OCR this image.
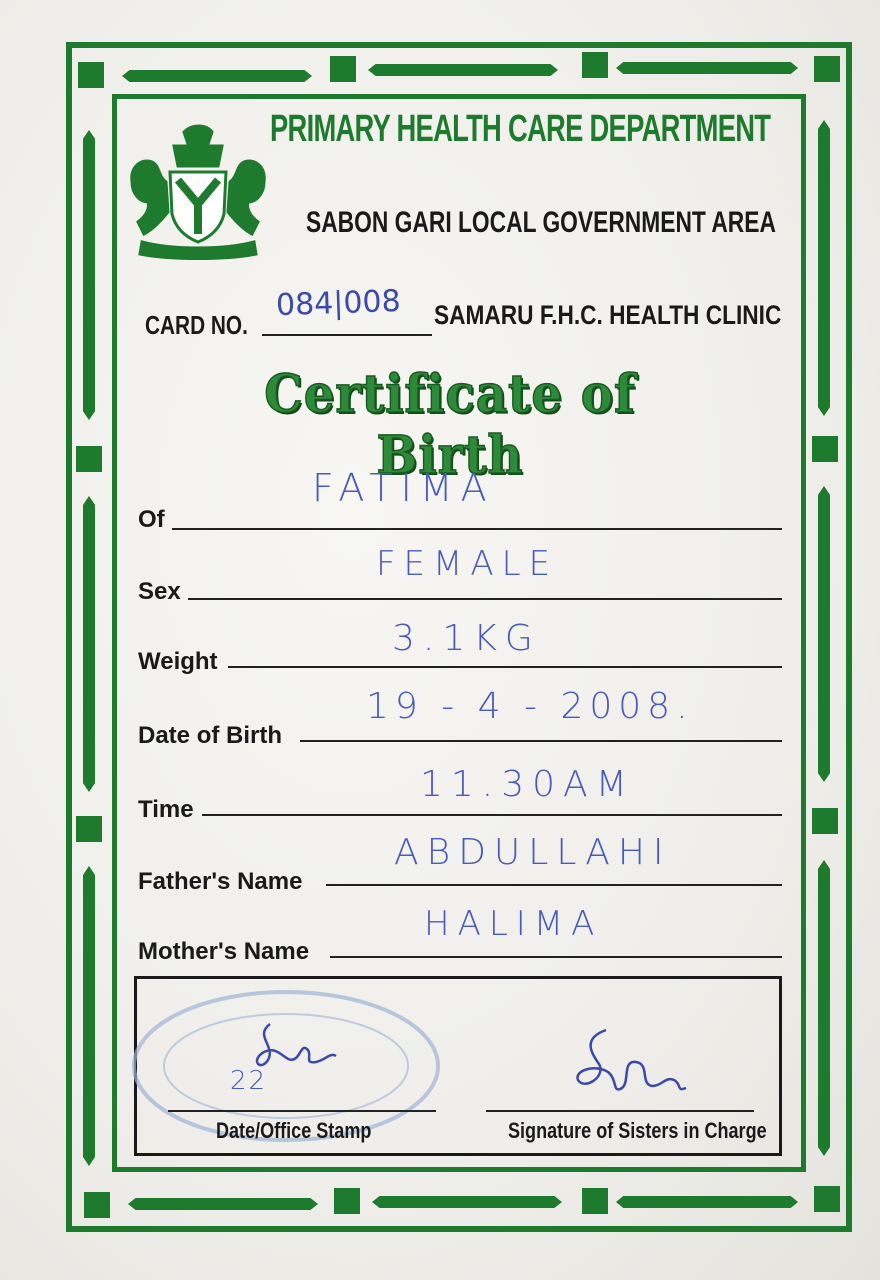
PRIMARY HEALTH CARE DEPARTMENT
SABON GARI LOCAL GOVERNMENT AREA
CARD NO.
084|008 SAMARU F.H.C. HEALTH CLINIC
Certificate of Birth
Of
FATIMA
Sex
FEMALE
Weight
3.1KG
Date of Birth
19 - 4 - 2008.
Time
11.30AM
Father's Name
ABDULLAHI
Mother's Name
HALIMA
22
Date/Office Stamp	Signature of Sisters in Charge
